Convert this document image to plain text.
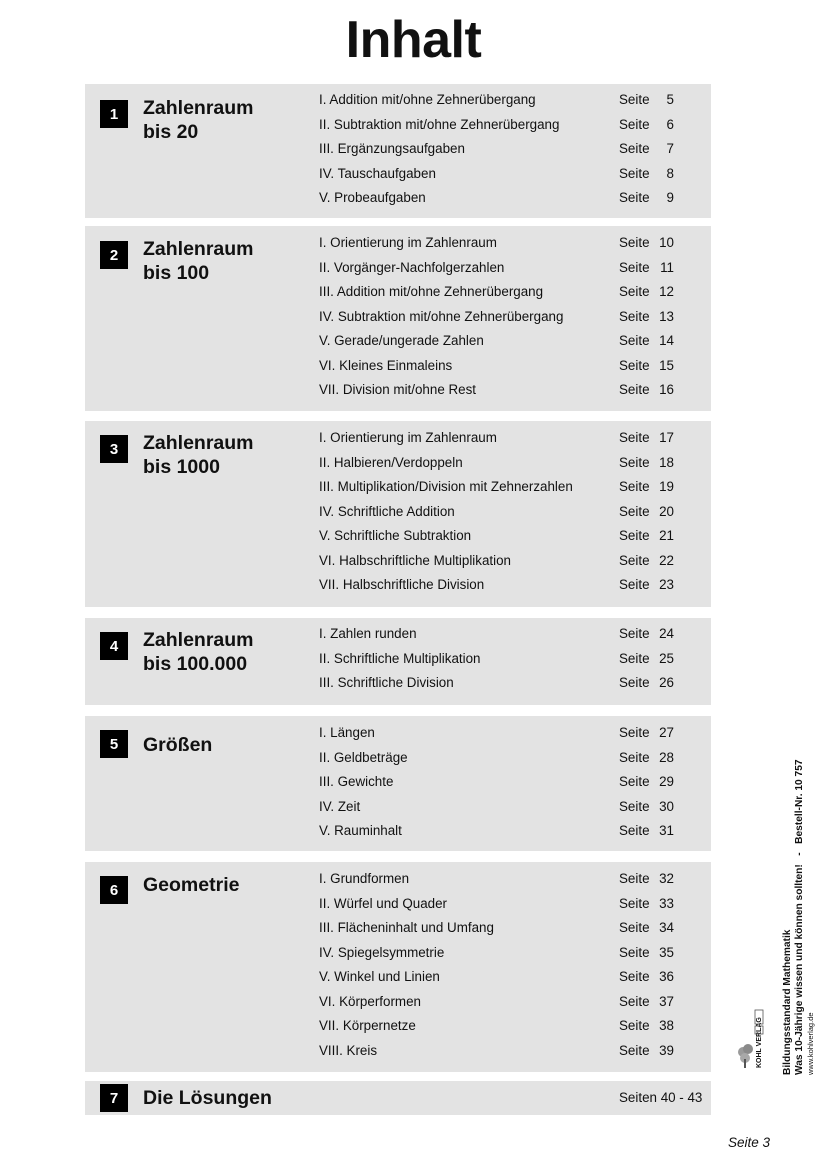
Inhalt
1	Zahlenraum
bis 20
I. Addition mit/ohne Zehnerübergang	Seite	5
II. Subtraktion mit/ohne Zehnerübergang	Seite	6
III. Ergänzungsaufgaben	Seite	7
IV. Tauschaufgaben	Seite	8
V. Probeaufgaben	Seite	9
2	Zahlenraum
bis 100
I. Orientierung im Zahlenraum	Seite 10
II. Vorgänger-Nachfolgerzahlen	Seite 11
III. Addition mit/ohne Zehnerübergang	Seite 12
IV. Subtraktion mit/ohne Zehnerübergang	Seite 13
V. Gerade/ungerade Zahlen	Seite 14
VI. Kleines Einmaleins	Seite 15
VII. Division mit/ohne Rest	Seite 16
3	Zahlenraum
bis 1000
I. Orientierung im Zahlenraum	Seite 17
II. Halbieren/Verdoppeln	Seite 18
III. Multiplikation/Division mit Zehnerzahlen	Seite 19
IV. Schriftliche Addition	Seite 20
V. Schriftliche Subtraktion	Seite 21
VI. Halbschriftliche Multiplikation	Seite 22
VII. Halbschriftliche Division	Seite 23
4	Zahlenraum
bis 100.000
I. Zahlen runden	Seite 24
II. Schriftliche Multiplikation	Seite 25
III. Schriftliche Division	Seite 26
5	Größen
I. Längen	Seite 27
II. Geldbeträge	Seite 28
III. Gewichte	Seite 29
IV. Zeit	Seite 30
V. Rauminhalt	Seite 31
6	Geometrie	I. Grundformen	Seite 32
II. Würfel und Quader	Seite 33
III. Flächeninhalt und Umfang	Seite 34
IV. Spiegelsymmetrie	Seite 35
V. Winkel und Linien	Seite 36
VI. Körperformen	Seite 37
VII. Körpernetze	Seite 38
VIII. Kreis	Seite 39
7	Die Lösungen	Seiten 40 - 43
KOHL VERLAG Bildungsstandard Mathematik Was 10-Jährige wissen und können sollten!   -   Bestell-Nr. 10 757 www.kohlverlag.de
Seite 3
